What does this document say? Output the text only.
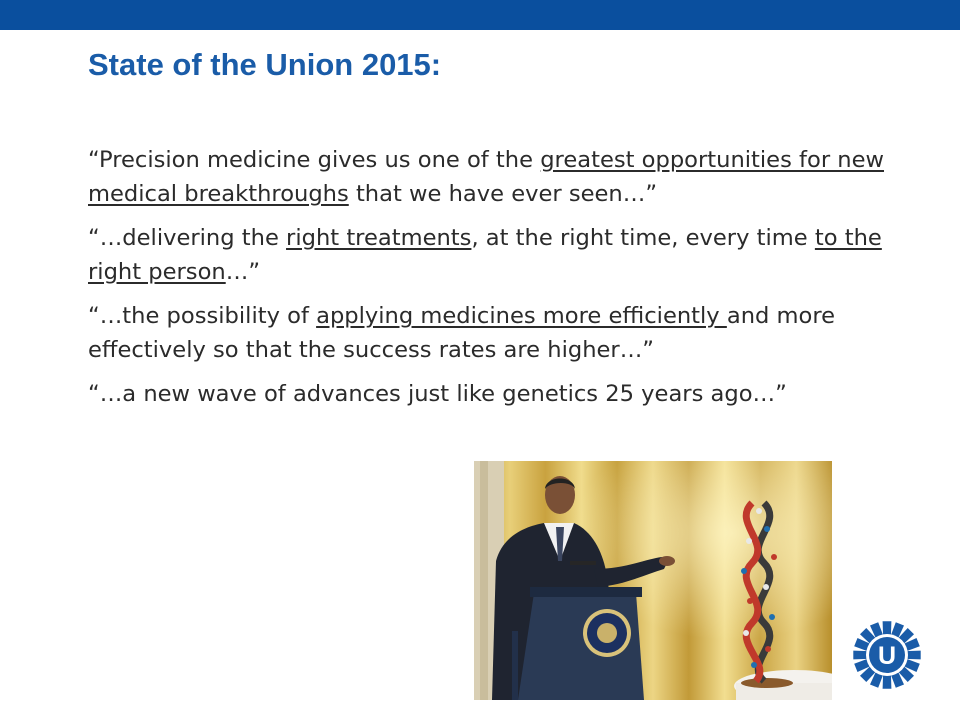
State of the Union 2015:

“Precision medicine gives us one of the greatest opportunities for new medical breakthroughs that we have ever seen…”

“…delivering the right treatments, at the right time, every time to the right person…”

“…the possibility of applying medicines more efficiently and more effectively so that the success rates are higher…”

“…a new wave of advances just like genetics 25 years ago…”

U
